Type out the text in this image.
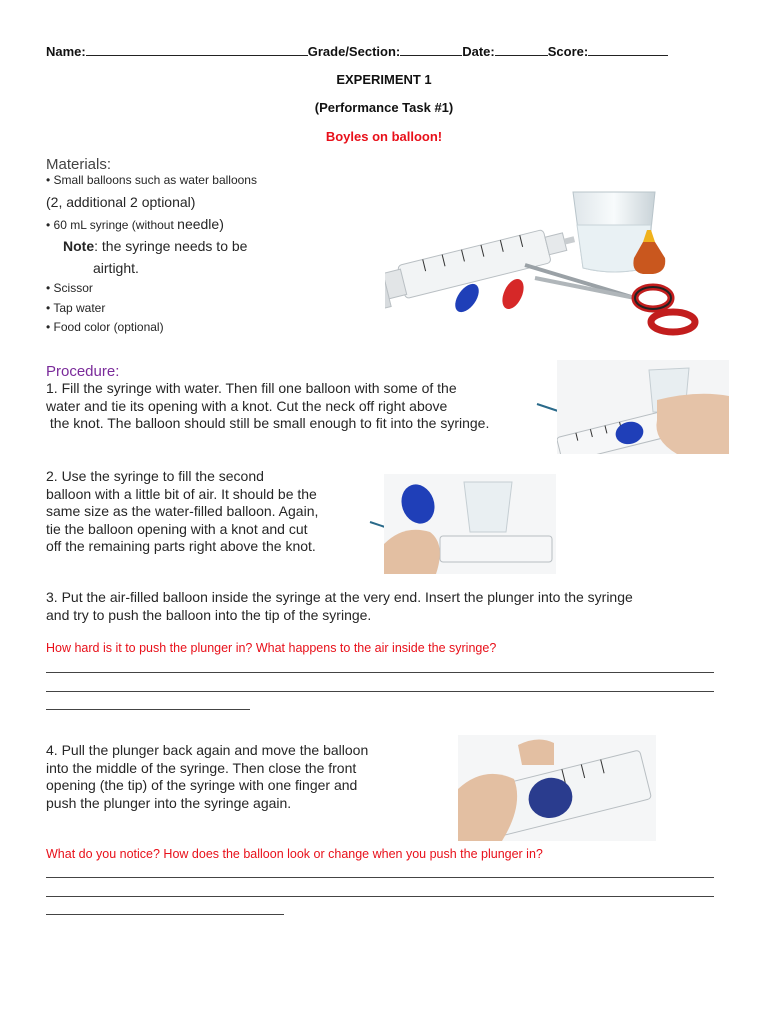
Name:	Grade/Section:	Date:	Score:
EXPERIMENT 1
(Performance Task #1)
Boyles on balloon!
Materials:
• Small balloons such as water balloons
(2, additional 2 optional)
• 60 mL syringe (without needle)
Note: the syringe needs to be
airtight.
• Scissor
• Tap water
• Food color (optional)
Procedure:
1. Fill the syringe with water. Then fill one balloon with some of the
water and tie its opening with a knot. Cut the neck off right above
the knot. The balloon should still be small enough to fit into the syringe.
2. Use the syringe to fill the second
balloon with a little bit of air. It should be the
same size as the water-filled balloon. Again,
tie the balloon opening with a knot and cut
off the remaining parts right above the knot.
3. Put the air-filled balloon inside the syringe at the very end. Insert the plunger into the syringe
and try to push the balloon into the tip of the syringe.
How hard is it to push the plunger in? What happens to the air inside the syringe?
4. Pull the plunger back again and move the balloon
into the middle of the syringe. Then close the front
opening (the tip) of the syringe with one finger and
push the plunger into the syringe again.
What do you notice? How does the balloon look or change when you push the plunger in?
